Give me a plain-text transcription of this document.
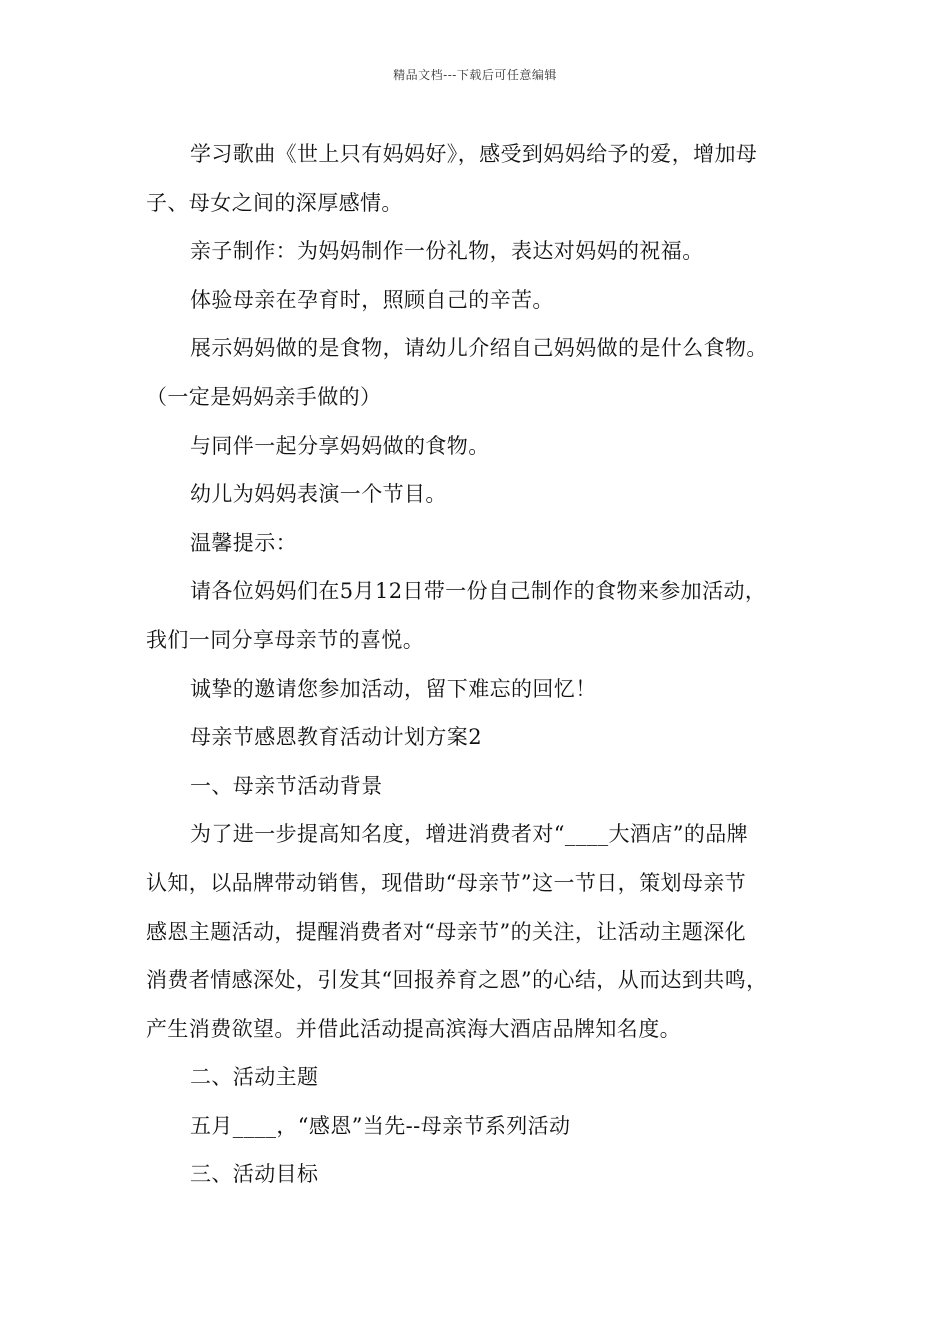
精品文档---下载后可任意编辑
学习歌曲《世上只有妈妈好》，感受到妈妈给予的爱，增加母
子、母女之间的深厚感情。
亲子制作：为妈妈制作一份礼物，表达对妈妈的祝福。
体验母亲在孕育时，照顾自己的辛苦。
展示妈妈做的是食物，请幼儿介绍自己妈妈做的是什么食物。
（一定是妈妈亲手做的）
与同伴一起分享妈妈做的食物。
幼儿为妈妈表演一个节目。
温馨提示：
请各位妈妈们在5月12日带一份自己制作的食物来参加活动，
我们一同分享母亲节的喜悦。
诚挚的邀请您参加活动，留下难忘的回忆！
母亲节感恩教育活动计划方案2
一、母亲节活动背景
为了进一步提高知名度，增进消费者对“____大酒店”的品牌
认知，以品牌带动销售，现借助“母亲节”这一节日，策划母亲节
感恩主题活动，提醒消费者对“母亲节”的关注，让活动主题深化
消费者情感深处，引发其“回报养育之恩”的心结，从而达到共鸣，
产生消费欲望。并借此活动提高滨海大酒店品牌知名度。
二、活动主题
五月____，“感恩”当先--母亲节系列活动
三、活动目标
